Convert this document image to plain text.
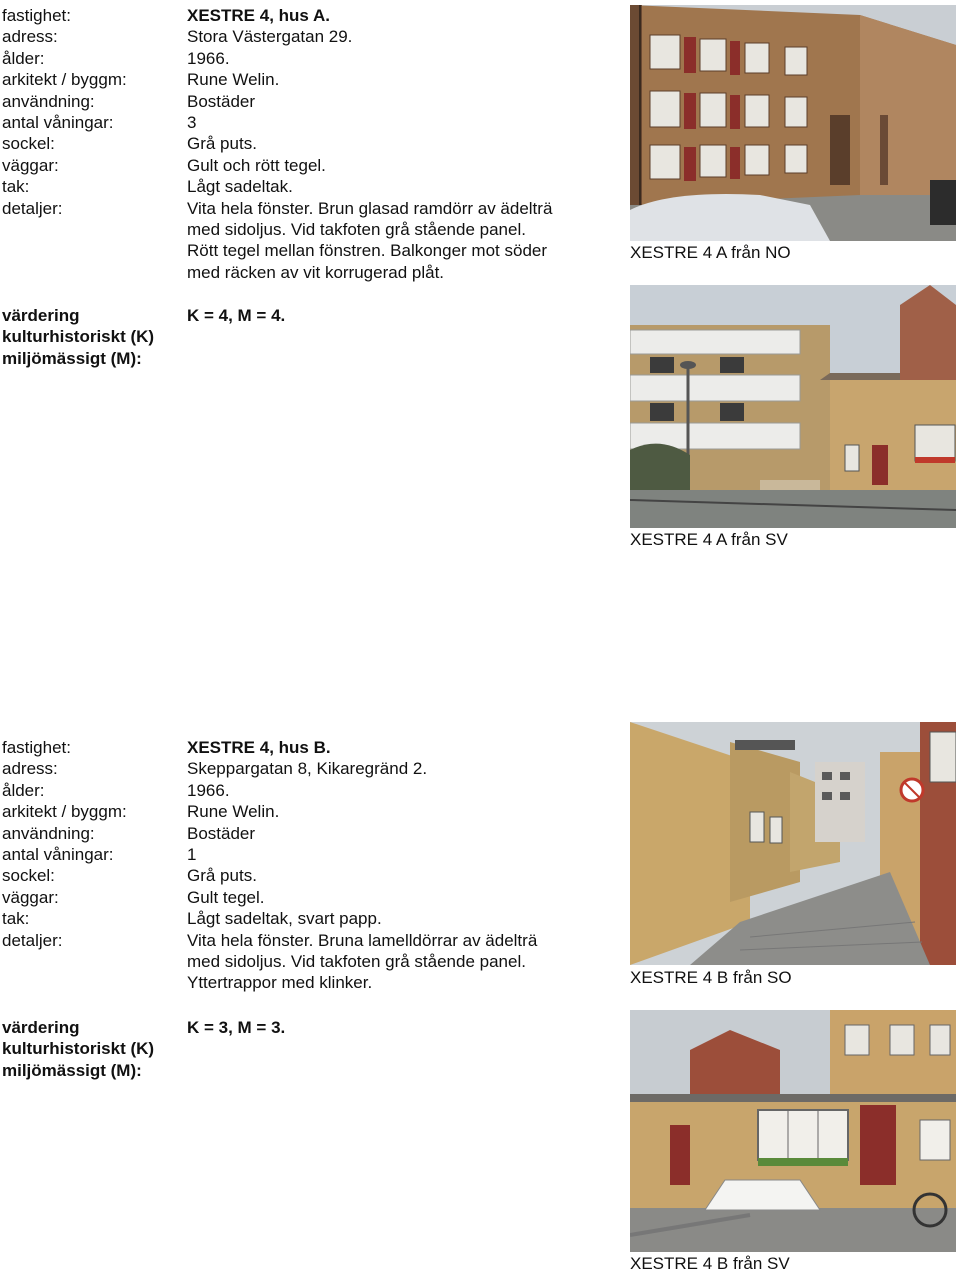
fastighet:	XESTRE 4, hus A.
adress:	Stora Västergatan 29.
ålder:	1966.
arkitekt / byggm:	Rune Welin.
användning:	Bostäder
antal våningar:	3
sockel:	Grå puts.
väggar:	Gult och rött tegel.
tak:	Lågt sadeltak.
detaljer:	Vita hela fönster. Brun glasad ramdörr av ädelträ
med sidoljus. Vid takfoten grå stående panel.
Rött tegel mellan fönstren. Balkonger mot söder
med räcken av vit korrugerad plåt.
värdering	K = 4, M = 4.
kulturhistoriskt (K)
miljömässigt (M):
XESTRE 4 A från NO
XESTRE 4 A från SV
fastighet:	XESTRE 4, hus B.
adress:	Skeppargatan 8, Kikaregränd 2.
ålder:	1966.
arkitekt / byggm:	Rune Welin.
användning:	Bostäder
antal våningar:	1
sockel:	Grå puts.
väggar:	Gult tegel.
tak:	Lågt sadeltak, svart papp.
detaljer:	Vita hela fönster. Bruna lamelldörrar av ädelträ
med sidoljus. Vid takfoten grå stående panel.
Yttertrappor med klinker.
värdering	K = 3, M = 3.
kulturhistoriskt (K)
miljömässigt (M):
XESTRE 4 B från SO
XESTRE 4 B från SV
